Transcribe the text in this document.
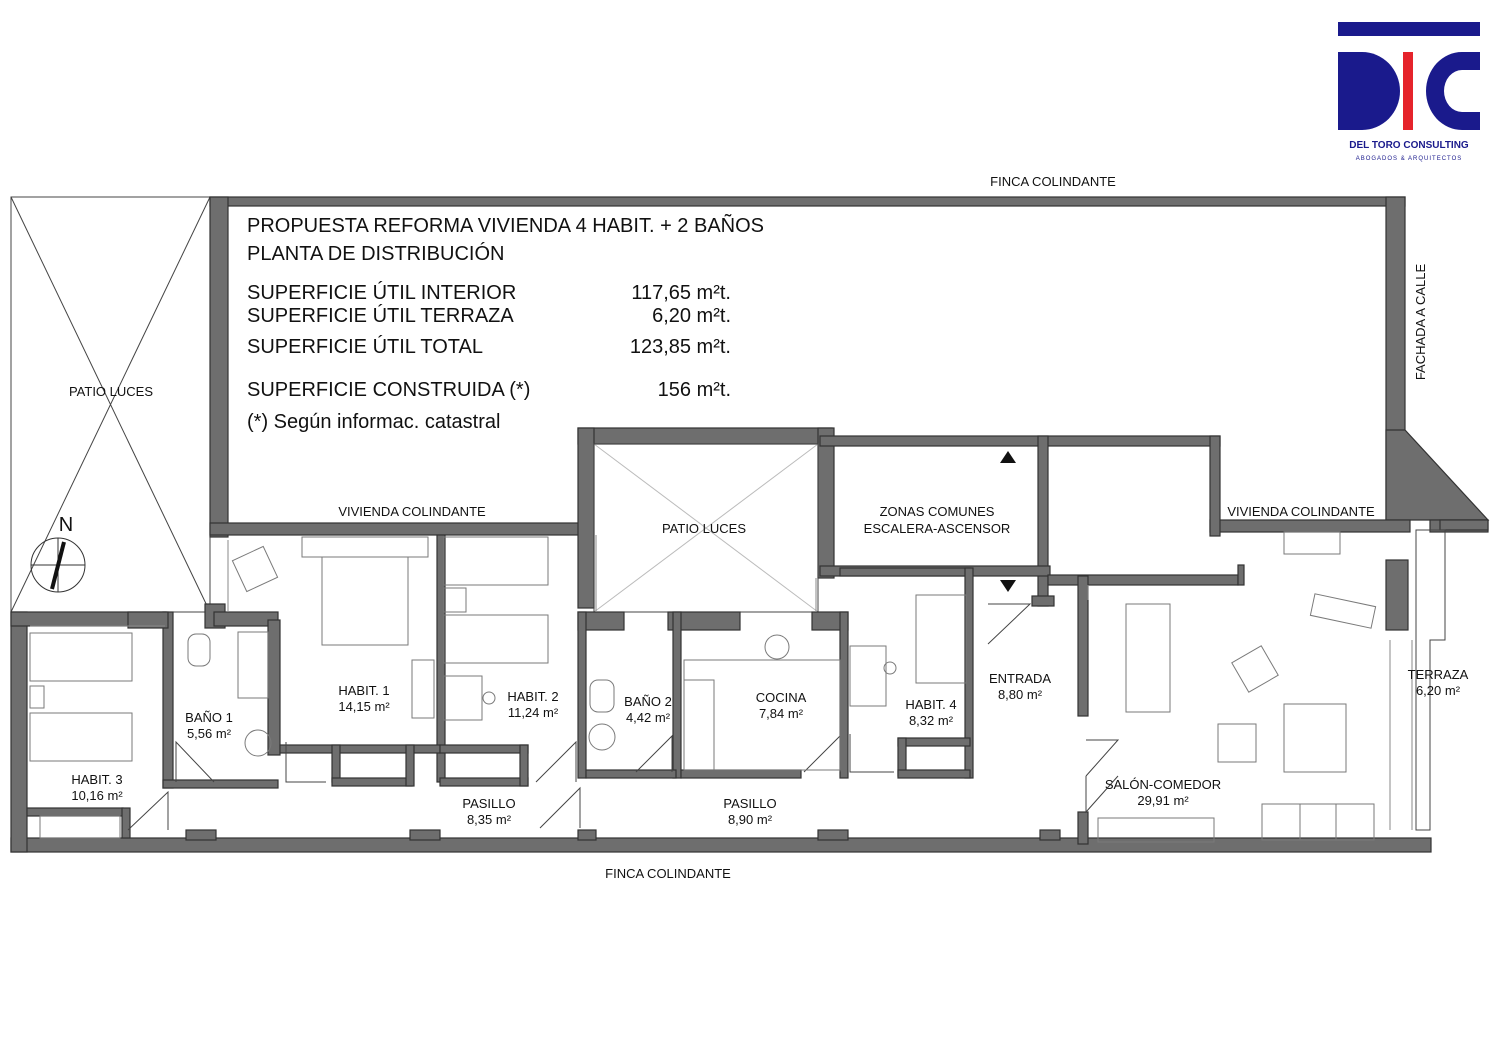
DEL TORO CONSULTING
ABOGADOS & ARQUITECTOS
N
PROPUESTA REFORMA VIVIENDA 4 HABIT. + 2 BAÑOS
PLANTA DE DISTRIBUCIÓN
SUPERFICIE ÚTIL INTERIOR	117,65 m²t.
SUPERFICIE ÚTIL TERRAZA	6,20 m²t.
SUPERFICIE ÚTIL TOTAL	123,85 m²t.
SUPERFICIE CONSTRUIDA (*)	156 m²t.
(*) Según informac. catastral
FINCA COLINDANTE
FINCA COLINDANTE
FACHADA A CALLE
VIVIENDA COLINDANTE	VIVIENDA COLINDANTE
PATIO LUCES
PATIO LUCES
ZONAS COMUNES
ESCALERA-ASCENSOR
HABIT. 3
10,16 m²
BAÑO 1
5,56 m²
HABIT. 1
14,15 m²
HABIT. 2
11,24 m²
BAÑO 2
4,42 m²
COCINA
7,84 m²
HABIT. 4
8,32 m²
ENTRADA
8,80 m²
SALÓN-COMEDOR
29,91 m²
TERRAZA
6,20 m²
PASILLO
8,35 m²
PASILLO
8,90 m²
